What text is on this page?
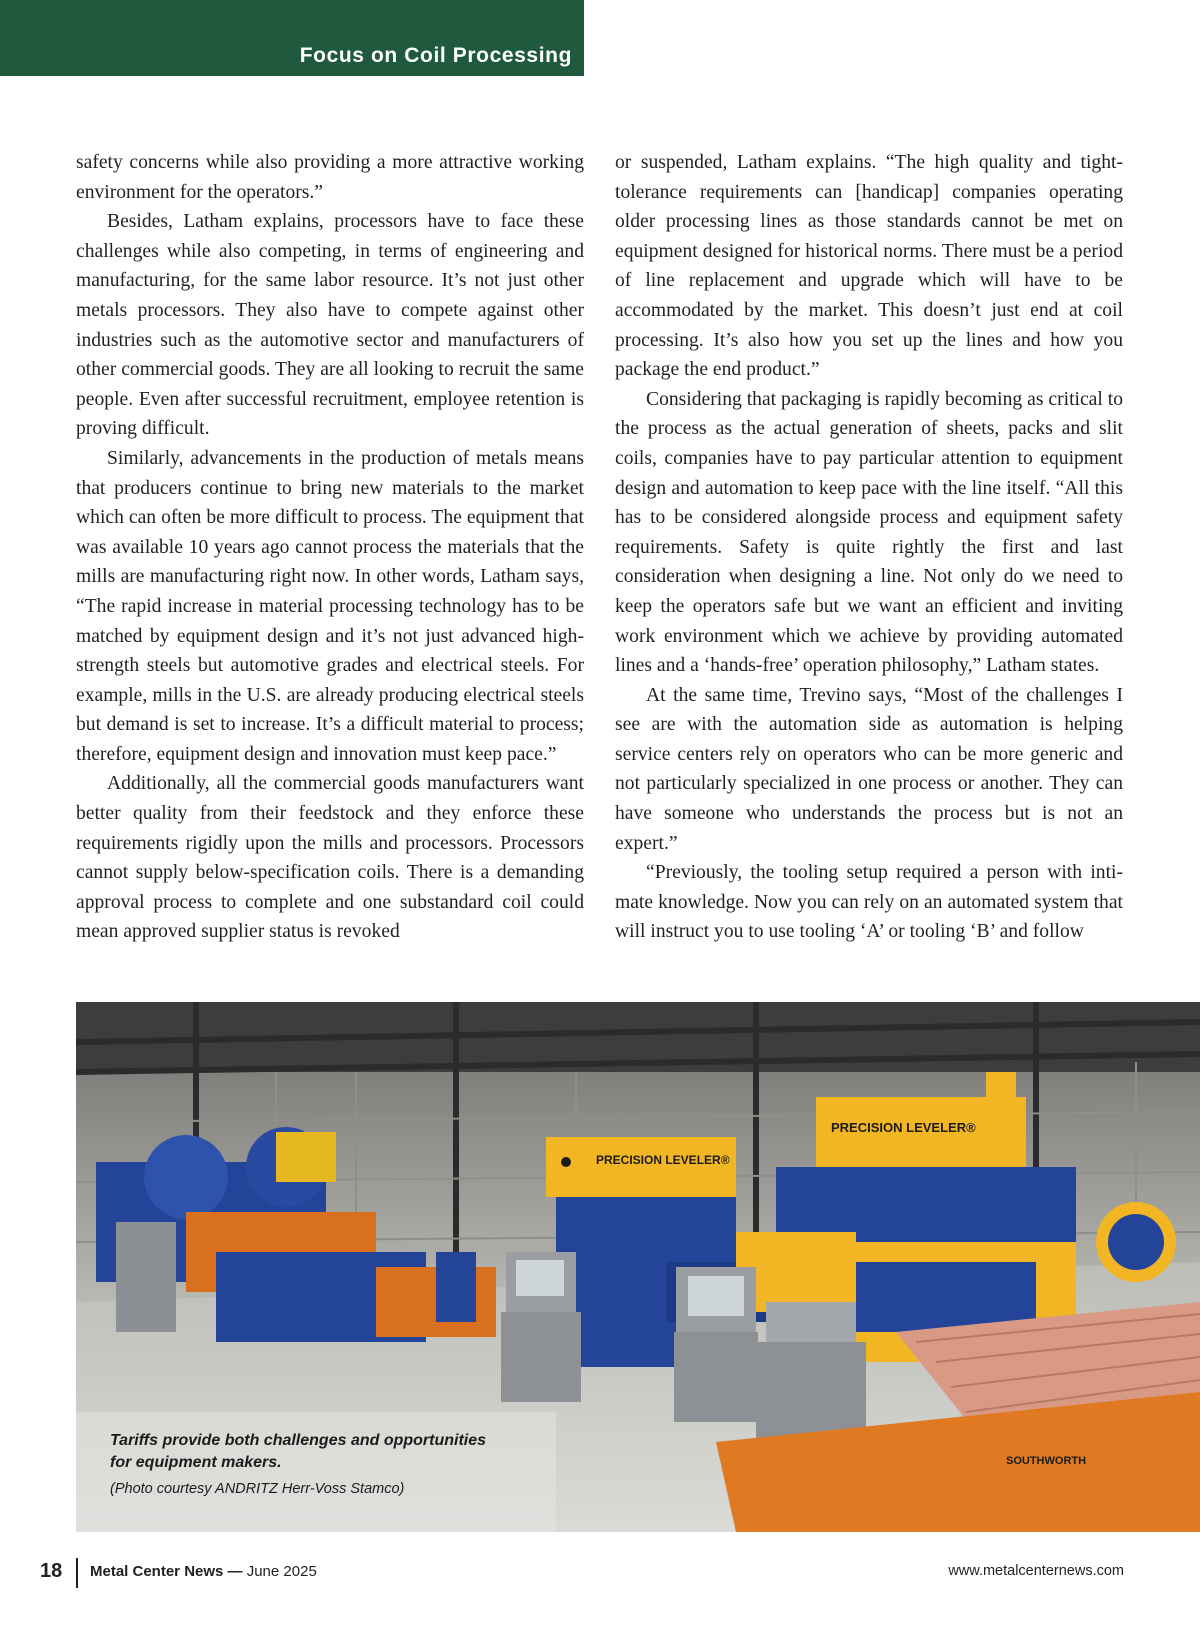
Focus on Coil Processing

safety concerns while also providing a more attractive working environment for the operators.”

Besides, Latham explains, processors have to face these challenges while also competing, in terms of engineering and manufacturing, for the same labor resource. It’s not just other metals processors. They also have to compete against other industries such as the automotive sector and manufacturers of other commercial goods. They are all looking to recruit the same people. Even after successful recruitment, employee retention is proving difficult.

Similarly, advancements in the production of metals means that producers continue to bring new materials to the market which can often be more difficult to process. The equipment that was available 10 years ago cannot process the materials that the mills are manufacturing right now. In other words, Latham says, “The rapid increase in material processing technology has to be matched by equipment design and it’s not just advanced high-strength steels but automotive grades and electrical steels. For example, mills in the U.S. are already producing electrical steels but demand is set to increase. It’s a difficult material to process; therefore, equipment design and innovation must keep pace.”

Additionally, all the commercial goods manufacturers want better quality from their feedstock and they enforce these requirements rigidly upon the mills and processors. Processors cannot supply below-specification coils. There is a demanding approval process to complete and one substandard coil could mean approved supplier status is revoked

or suspended, Latham explains. “The high quality and tight-tolerance requirements can [handicap] companies operating older processing lines as those standards cannot be met on equipment designed for historical norms. There must be a period of line replacement and upgrade which will have to be accommodated by the market. This doesn’t just end at coil processing. It’s also how you set up the lines and how you package the end product.”

Considering that packaging is rapidly becoming as critical to the process as the actual generation of sheets, packs and slit coils, companies have to pay particular attention to equipment design and automation to keep pace with the line itself. “All this has to be considered alongside process and equipment safety requirements. Safety is quite rightly the first and last consideration when designing a line. Not only do we need to keep the operators safe but we want an efficient and inviting work environment which we achieve by providing automated lines and a ‘hands-free’ operation philosophy,” Latham states.

At the same time, Trevino says, “Most of the challenges I see are with the automation side as automation is helping service centers rely on operators who can be more generic and not particularly specialized in one process or another. They can have someone who understands the process but is not an expert.”

“Previously, the tooling setup required a person with intimate knowledge. Now you can rely on an automated system that will instruct you to use tooling ‘A’ or tooling ‘B’ and follow

PRECISION LEVELER®
PRECISION LEVELER®
SOUTHWORTH

Tariffs provide both challenges and opportunities
for equipment makers.

(Photo courtesy ANDRITZ Herr-Voss Stamco)

18 Metal Center News — June 2025	www.metalcenternews.com
